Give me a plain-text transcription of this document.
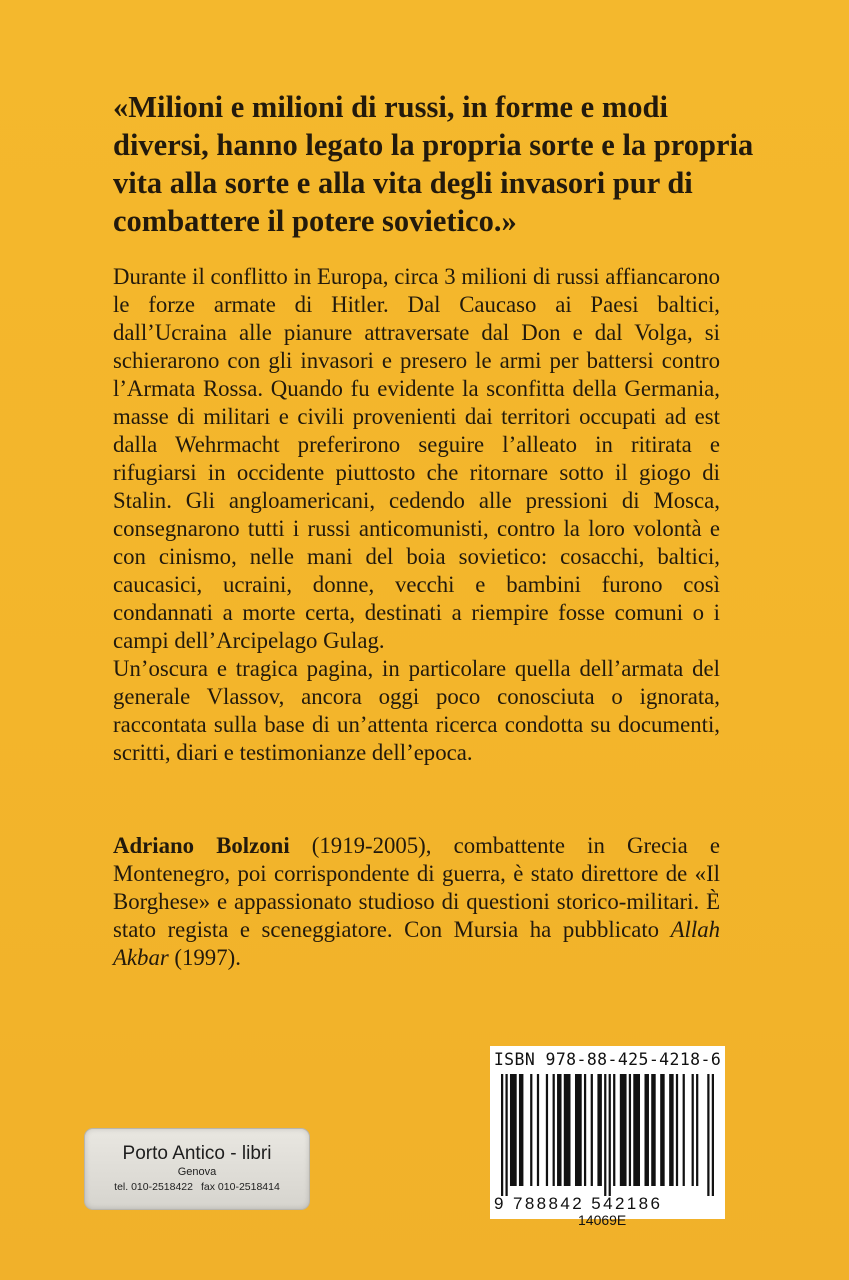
«Milioni e milioni di russi, in forme e modi diversi, hanno legato la propria sorte e la propria vita alla sorte e alla vita degli invasori pur di combattere il potere sovietico.»

Durante il conflitto in Europa, circa 3 milioni di russi affiancarono le forze armate di Hitler. Dal Caucaso ai Paesi baltici, dall’Ucraina alle pianure attraversate dal Don e dal Volga, si schierarono con gli invasori e presero le armi per battersi contro l’Armata Rossa. Quando fu evidente la sconfitta della Germania, masse di militari e civili provenienti dai territori occupati ad est dalla Wehrmacht preferirono seguire l’alleato in ritirata e rifugiarsi in occidente piuttosto che ritornare sotto il giogo di Stalin. Gli angloamericani, cedendo alle pressioni di Mosca, consegnarono tutti i russi anticomunisti, contro la loro volontà e con cinismo, nelle mani del boia sovietico: cosacchi, baltici, caucasici, ucraini, donne, vecchi e bambini furono così condannati a morte certa, destinati a riempire fosse comuni o i campi dell’Arcipelago Gulag.

Un’oscura e tragica pagina, in particolare quella dell’armata del generale Vlassov, ancora oggi poco conosciuta o ignorata, raccontata sulla base di un’attenta ricerca condotta su documenti, scritti, diari e testimonianze dell’epoca.

Adriano Bolzoni (1919-2005), combattente in Grecia e Montenegro, poi corrispondente di guerra, è stato direttore de «Il Borghese» e appassionato studioso di questioni storico-militari. È stato regista e sceneggiatore. Con Mursia ha pubblicato Allah Akbar (1997).

Porto Antico - libri
Genova
tel. 010-2518422 fax 010-2518414
ISBN 978-88-425-4218-6
9 788842 542186
14069E
